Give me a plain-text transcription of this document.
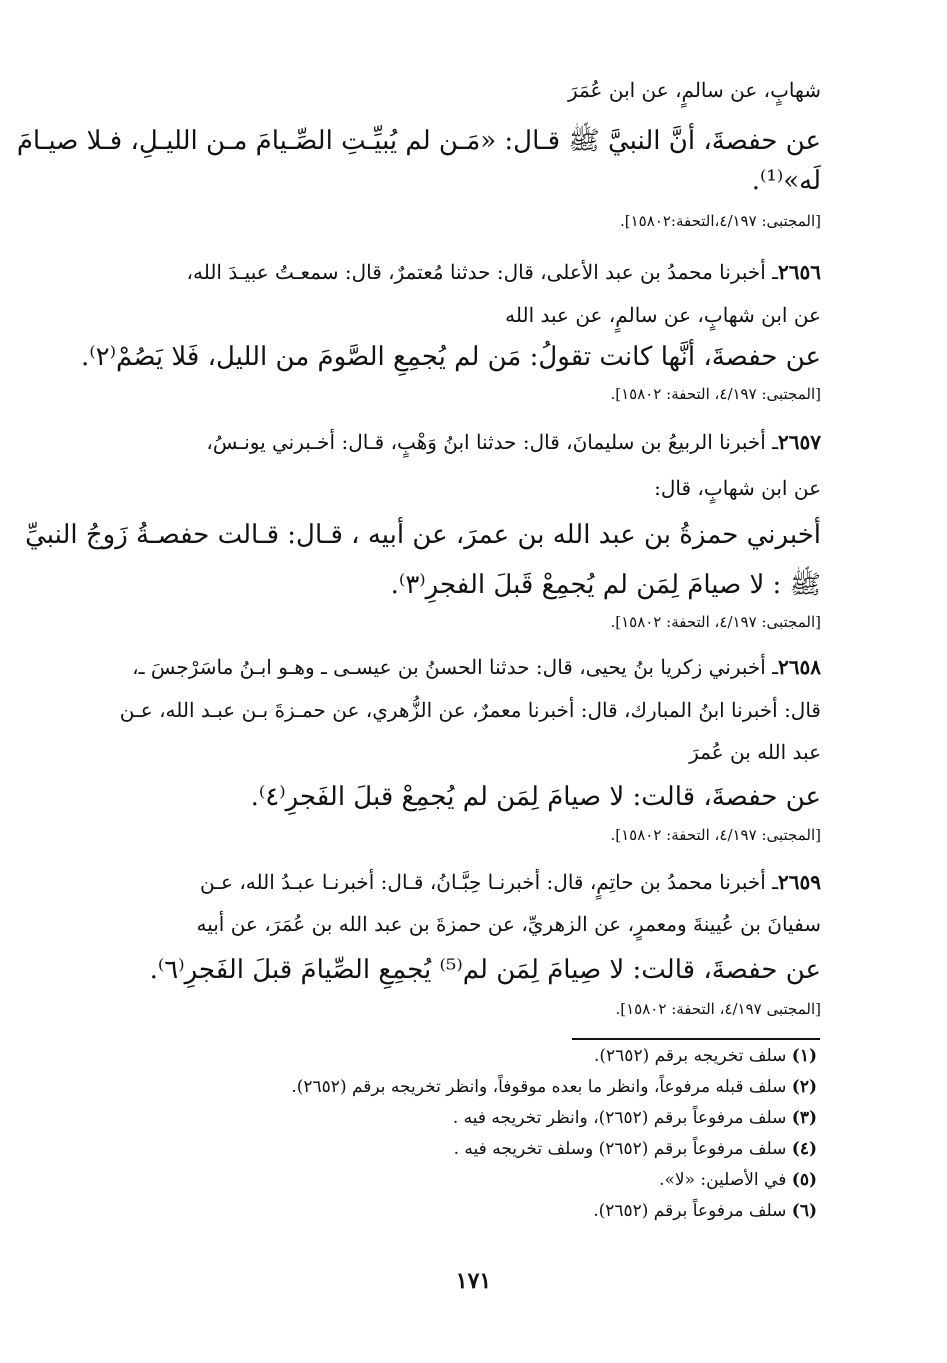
شهابٍ، عن سالمٍ، عن ابن عُمَرَ
عن حفصةَ، أنَّ النبيَّ ﷺ قـال: «مَـن لم يُبيِّـتِ الصِّـيامَ مـن الليـلِ، فـلا صيـامَ
لَه»⁽¹⁾.
[المجتبى: ٤/١٩٧،التحفة:١٥٨٠٢].
٢٦٥٦ـ أخبرنا محمدُ بن عبد الأعلى، قال: حدثنا مُعتمرٌ، قال: سمعـتُ عبيـدَ الله،
عن ابن شهابٍ، عن سالمٍ، عن عبد الله
عن حفصةَ، أنَّها كانت تقولُ: مَن لم يُجمِعِ الصَّومَ من الليل، فَلا يَصُمْ⁽٢⁾.
[المجتبى: ٤/١٩٧، التحفة: ١٥٨٠٢].
٢٦٥٧ـ أخبرنا الربيعُ بن سليمانَ، قال: حدثنا ابنُ وَهْبٍ، قـال: أخـبرني يونـسُ،
عن ابن شهابٍ، قال:
أخبرني حمزةُ بن عبد الله بن عمرَ، عن أبيه ، قـال: قـالت حفصـةُ زَوجُ النبيِّ
ﷺ : لا صيامَ لِمَن لم يُجمِعْ قَبلَ الفجرِ⁽٣⁾.
[المجتبى: ٤/١٩٧، التحفة: ١٥٨٠٢].
٢٦٥٨ـ أخبرني زكريا بنُ يحيى، قال: حدثنا الحسنُ بن عيسـى ـ وهـو ابـنُ ماسَرْجسَ ـ،
قال: أخبرنا ابنُ المبارك، قال: أخبرنا معمرٌ، عن الزُّهري، عن حمـزةَ بـن عبـد الله، عـن
عبد الله بن عُمرَ
عن حفصةَ، قالت: لا صيامَ لِمَن لم يُجمِعْ قبلَ الفَجرِ⁽٤⁾.
[المجتبى: ٤/١٩٧، التحفة: ١٥٨٠٢].
٢٦٥٩ـ أخبرنا محمدُ بن حاتِمٍ، قال: أخبرنـا حِبَّـانُ، قـال: أخبرنـا عبـدُ الله، عـن
سفيانَ بن عُيينةَ ومعمرٍ، عن الزهريِّ، عن حمزةَ بن عبد الله بن عُمَرَ، عن أبيه
عن حفصةَ، قالت: لا صِيامَ لِمَن لم⁽⁵⁾ يُجمِعِ الصِّيامَ قبلَ الفَجرِ⁽٦⁾.
[المجتبى ٤/١٩٧، التحفة: ١٥٨٠٢].
(١) سلف تخريجه برقم (٢٦٥٢).
(٢) سلف قبله مرفوعاً، وانظر ما بعده موقوفاً، وانظر تخريجه برقم (٢٦٥٢).
(٣) سلف مرفوعاً برقم (٢٦٥٢)، وانظر تخريجه فيه .
(٤) سلف مرفوعاً برقم (٢٦٥٢) وسلف تخريجه فيه .
(٥) في الأصلين: «لا».
(٦) سلف مرفوعاً برقم (٢٦٥٢).
١٧١
